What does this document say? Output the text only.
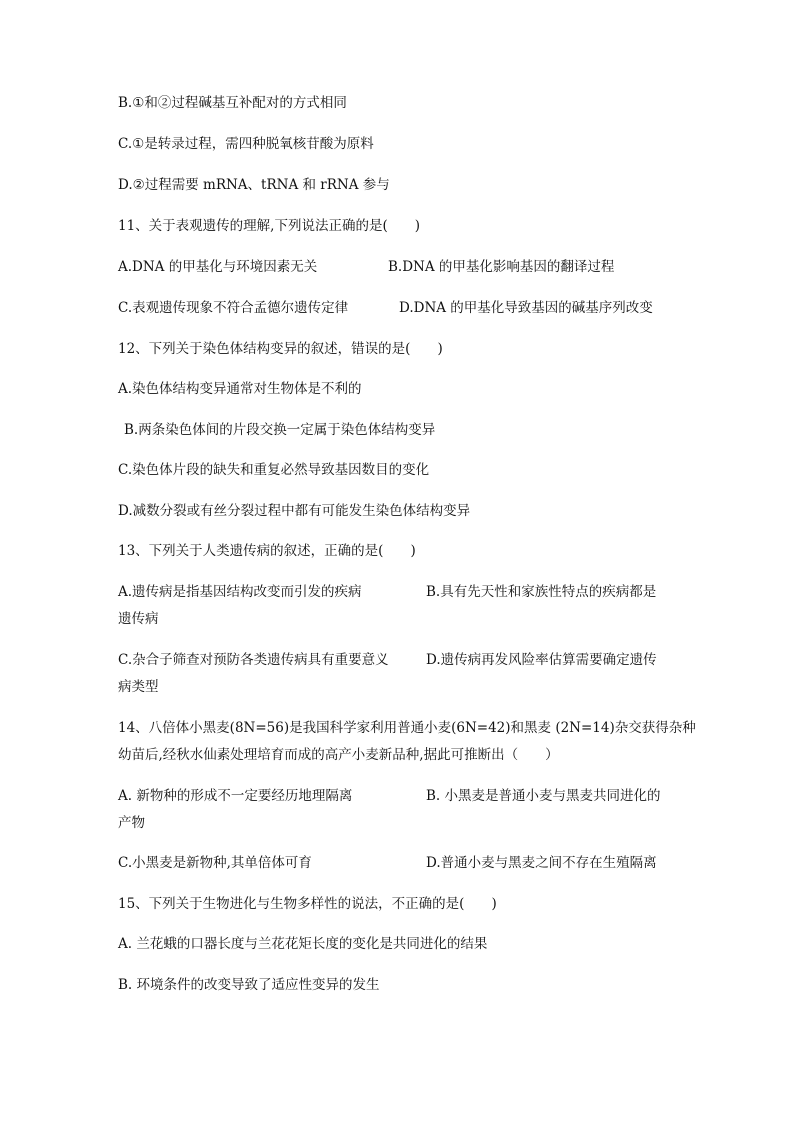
B.①和②过程碱基互补配对的方式相同
C.①是转录过程，需四种脱氧核苷酸为原料
D.②过程需要 mRNA、tRNA 和 rRNA 参与
11、关于表观遗传的理解,下列说法正确的是(　　)
A.DNA 的甲基化与环境因素无关	B.DNA 的甲基化影响基因的翻译过程
C.表观遗传现象不符合孟德尔遗传定律	D.DNA 的甲基化导致基因的碱基序列改变
12、下列关于染色体结构变异的叙述，错误的是(　　)
A.染色体结构变异通常对生物体是不利的
B.两条染色体间的片段交换一定属于染色体结构变异
C.染色体片段的缺失和重复必然导致基因数目的变化
D.减数分裂或有丝分裂过程中都有可能发生染色体结构变异
13、下列关于人类遗传病的叙述，正确的是(　　)
A.遗传病是指基因结构改变而引发的疾病	B.具有先天性和家族性特点的疾病都是
遗传病
C.杂合子筛查对预防各类遗传病具有重要意义	D.遗传病再发风险率估算需要确定遗传
病类型
14、八倍体小黑麦(8N=56)是我国科学家利用普通小麦(6N=42)和黑麦 (2N=14)杂交获得杂种
幼苗后,经秋水仙素处理培育而成的高产小麦新品种,据此可推断出（　　）
A. 新物种的形成不一定要经历地理隔离	B. 小黑麦是普通小麦与黑麦共同进化的
产物
C.小黑麦是新物种,其单倍体可育	D.普通小麦与黑麦之间不存在生殖隔离
15、下列关于生物进化与生物多样性的说法，不正确的是(　　)
A. 兰花蛾的口器长度与兰花花矩长度的变化是共同进化的结果
B. 环境条件的改变导致了适应性变异的发生
